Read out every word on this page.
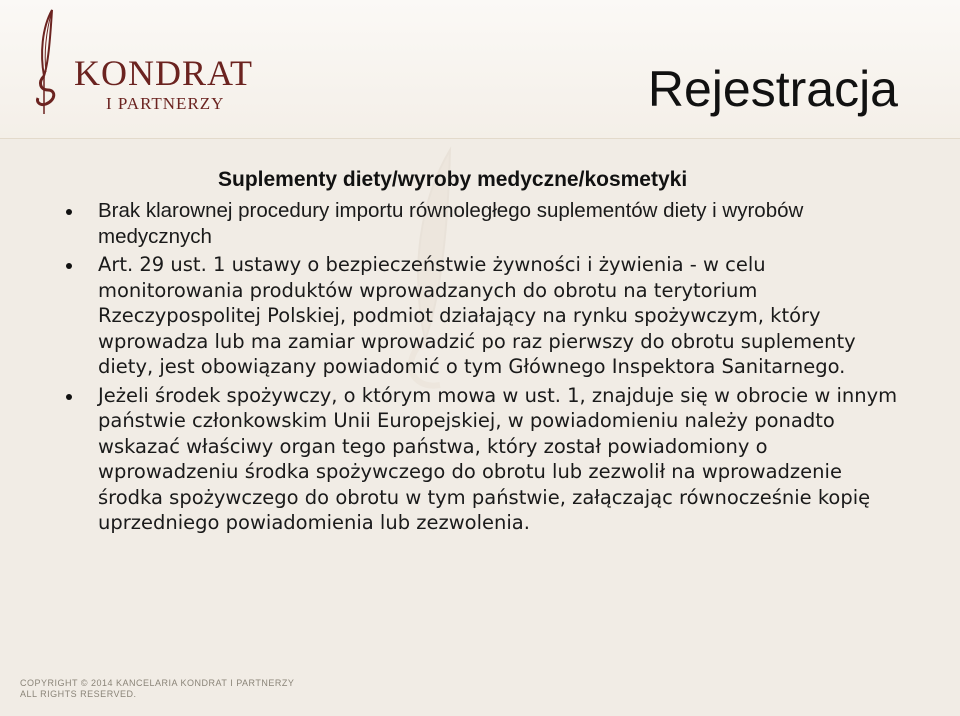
KONDRAT
I PARTNERZY	Rejestracja
Suplementy diety/wyroby medyczne/kosmetyki
Brak klarownej procedury importu równoległego suplementów diety i wyrobów medycznych
Art. 29 ust. 1 ustawy o bezpieczeństwie żywności i żywienia - w celu monitorowania produktów wprowadzanych do obrotu na terytorium Rzeczypospolitej Polskiej, podmiot działający na rynku spożywczym, który wprowadza lub ma zamiar wprowadzić po raz pierwszy do obrotu suplementy diety, jest obowiązany powiadomić o tym Głównego Inspektora Sanitarnego.
Jeżeli środek spożywczy, o którym mowa w ust. 1, znajduje się w obrocie w innym państwie członkowskim Unii Europejskiej, w powiadomieniu należy ponadto wskazać właściwy organ tego państwa, który został powiadomiony o wprowadzeniu środka spożywczego do obrotu lub zezwolił na wprowadzenie środka spożywczego do obrotu w tym państwie, załączając równocześnie kopię uprzedniego powiadomienia lub zezwolenia.
COPYRIGHT © 2014 KANCELARIA KONDRAT I PARTNERZY
ALL RIGHTS RESERVED.
